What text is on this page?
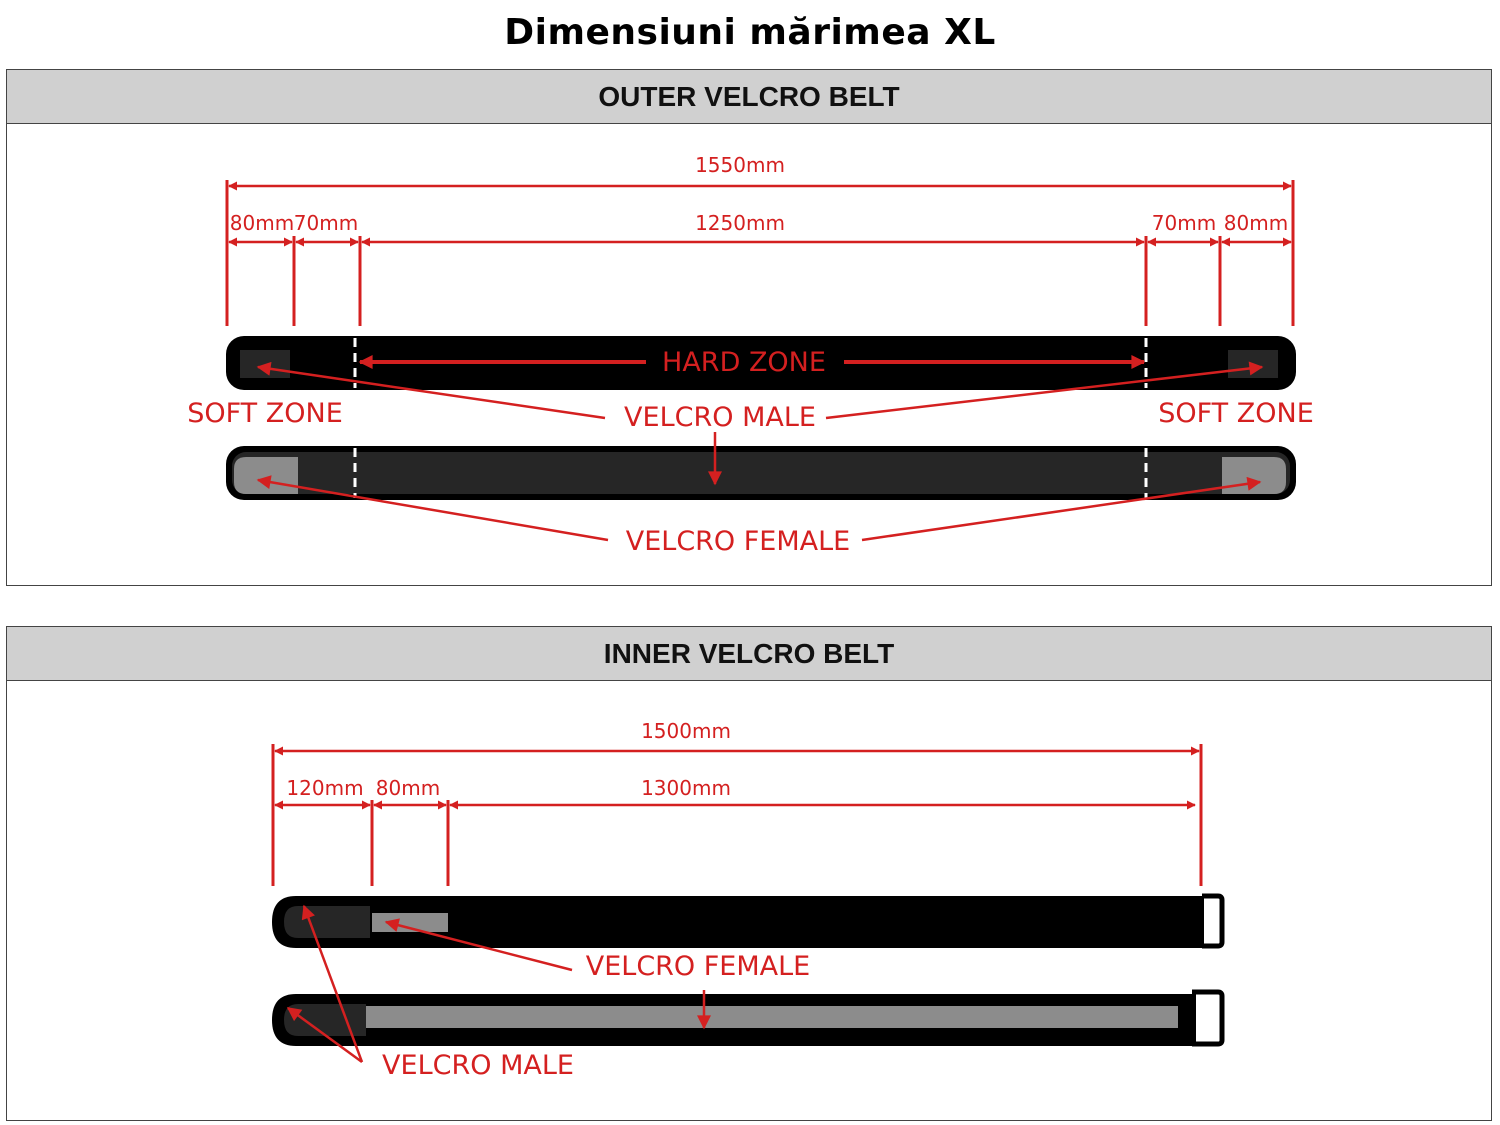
Dimensiuni mărimea XL
OUTER VELCRO BELT
INNER VELCRO BELT
1550mm
80mm 70mm	1250mm	70mm 80mm
HARD ZONE
VELCRO MALE
SOFT ZONE	SOFT ZONE
VELCRO FEMALE
1500mm
120mm 80mm	1300mm
VELCRO FEMALE
VELCRO MALE
